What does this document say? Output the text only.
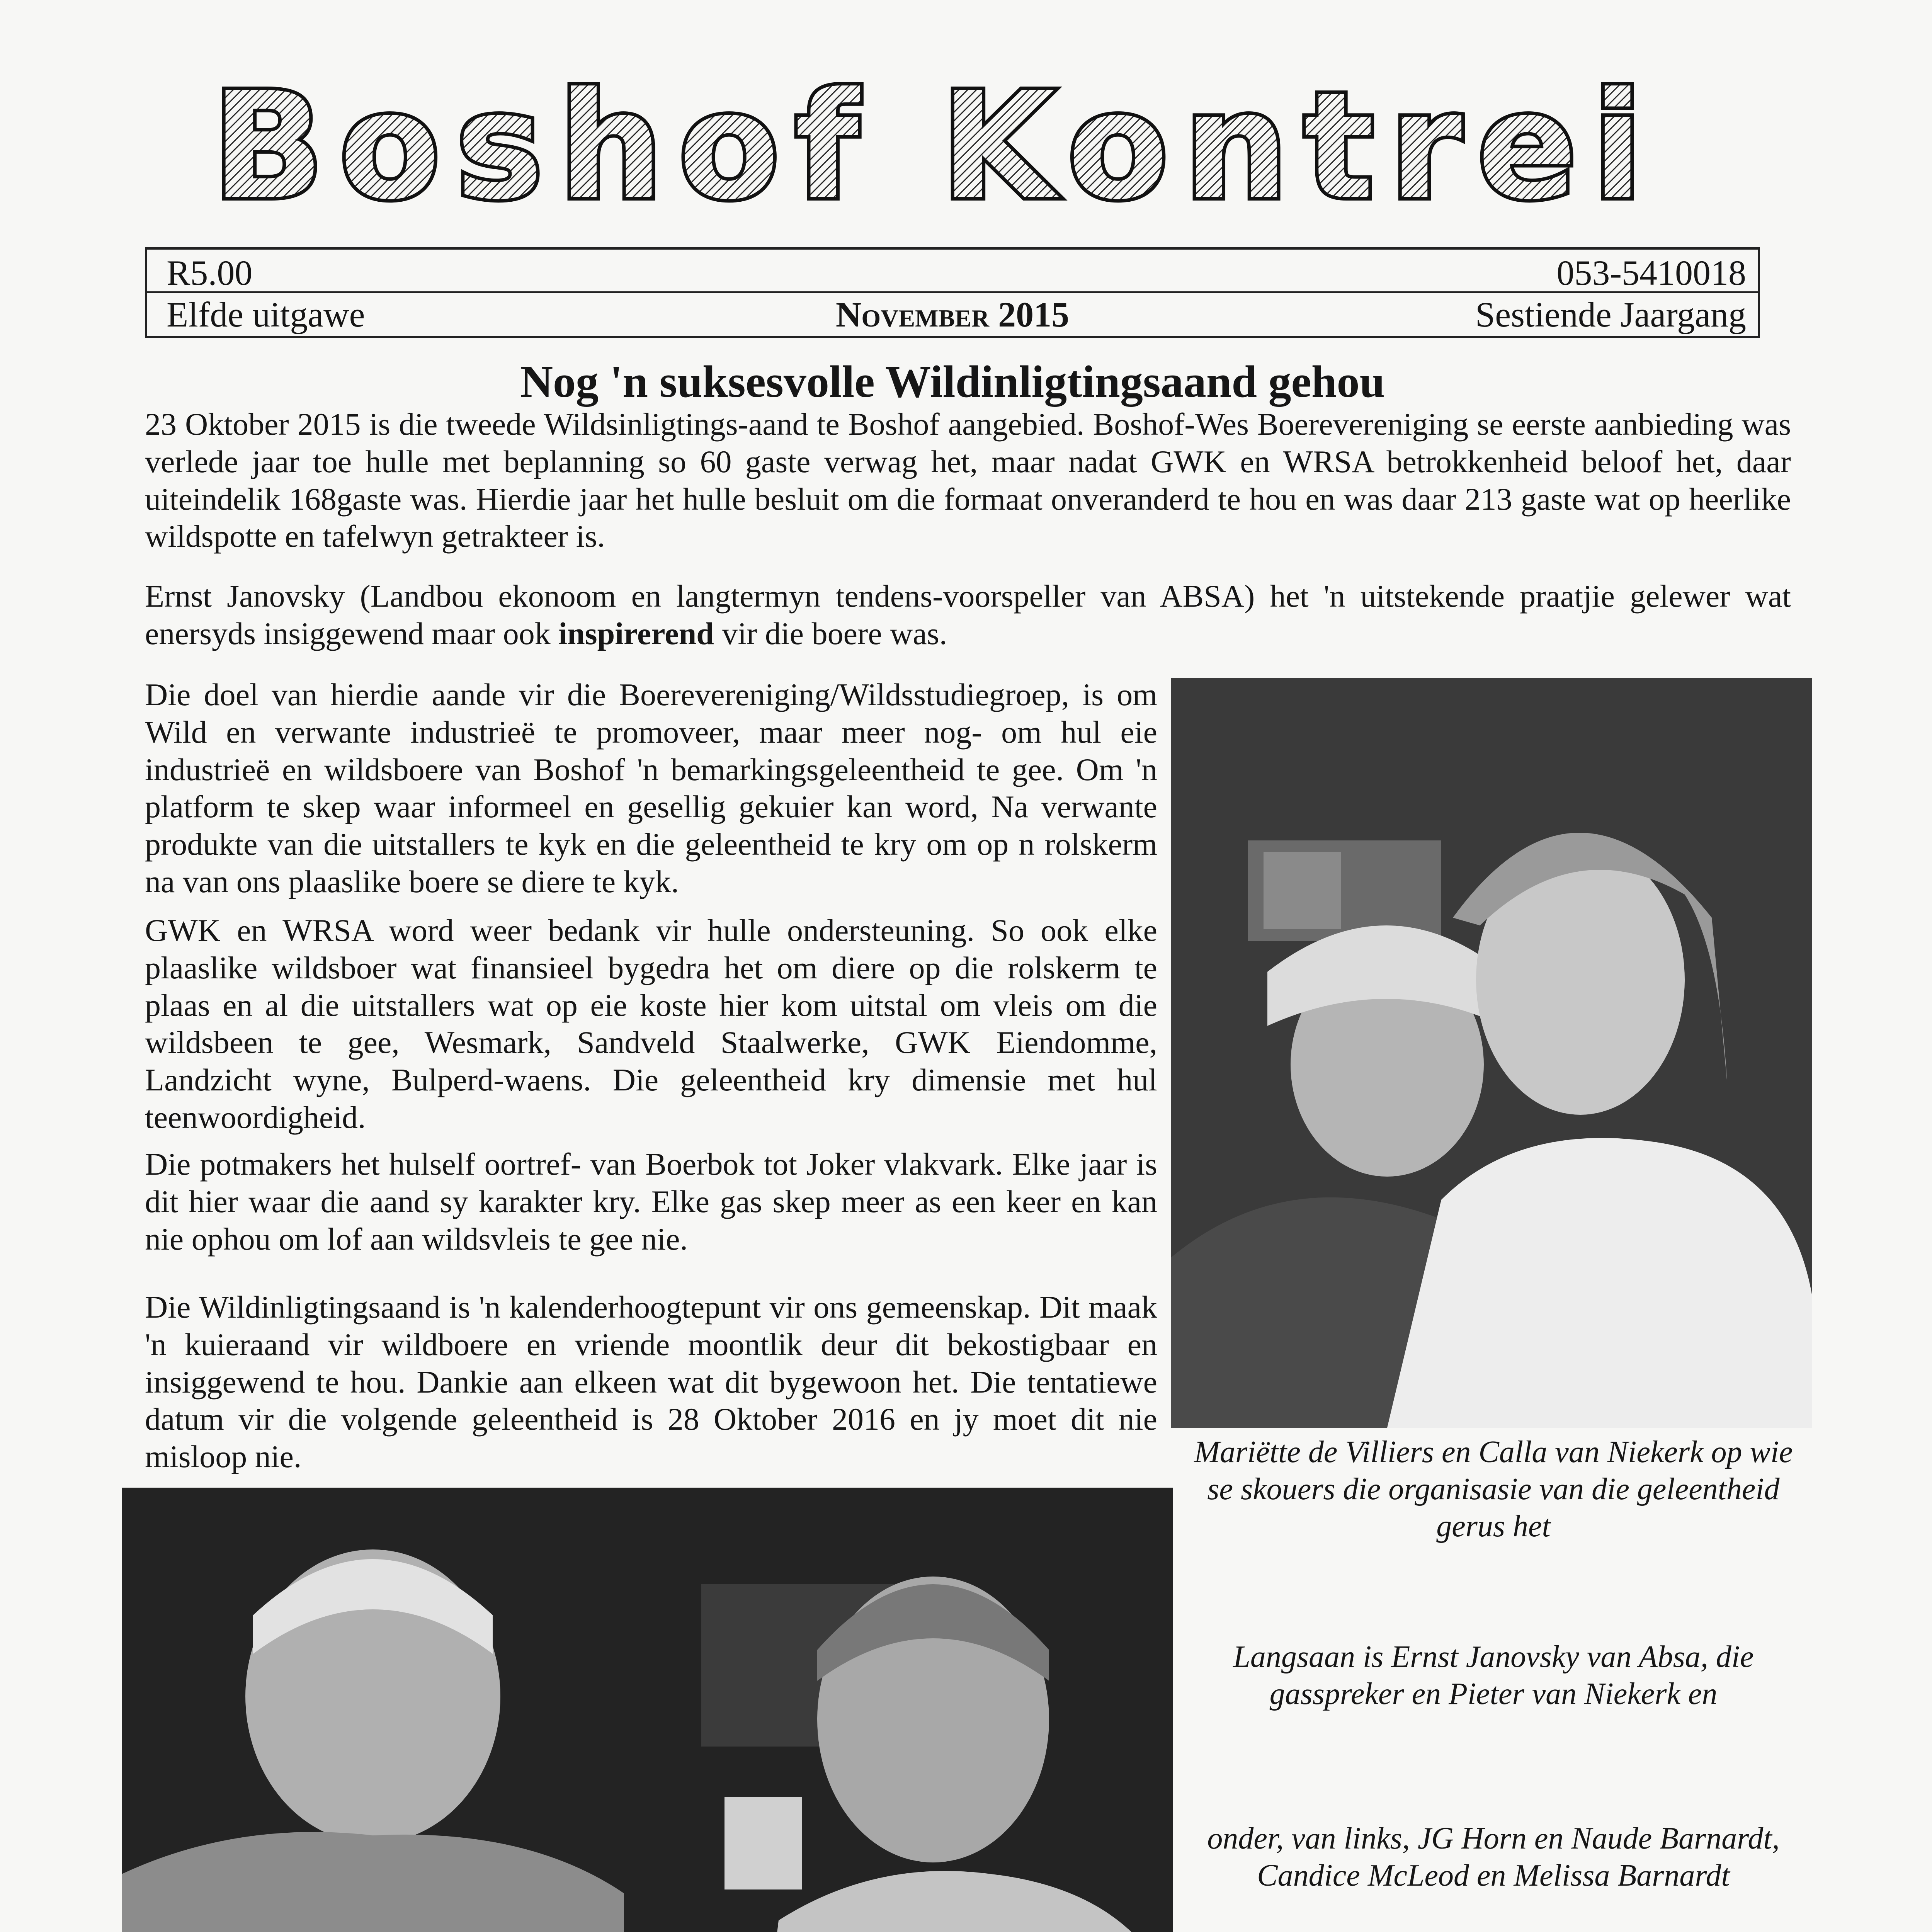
Boshof Kontrei
R5.00	053-5410018
Elfde uitgawe	November 2015	Sestiende Jaargang
Nog 'n suksesvolle Wildinligtingsaand gehou

23 Oktober 2015 is die tweede Wildsinligtings-aand te Boshof aangebied. Boshof-Wes Boerevereniging se eerste aanbieding was verlede jaar toe hulle met beplanning so 60 gaste verwag het, maar nadat GWK en WRSA betrokkenheid beloof het, daar uiteindelik 168gaste was. Hierdie jaar het hulle besluit om die formaat onveranderd te hou en was daar 213 gaste wat op heerlike wildspotte en tafelwyn getrakteer is.

Ernst Janovsky (Landbou ekonoom en langtermyn tendens-voorspeller van ABSA) het 'n uitstekende praatjie gelewer wat enersyds insiggewend maar ook inspirerend vir die boere was.

Die doel van hierdie aande vir die Boerevereniging/Wildsstudiegroep, is om Wild en verwante industrieë te promoveer, maar meer nog- om hul eie industrieë en wildsboere van Boshof 'n bemarkingsgeleentheid te gee. Om 'n platform te skep waar informeel en gesellig gekuier kan word, Na verwante produkte van die uitstallers te kyk en die geleentheid te kry om op n rolskerm na van ons plaaslike boere se diere te kyk.

GWK en WRSA word weer bedank vir hulle ondersteuning. So ook elke plaaslike wildsboer wat finansieel bygedra het om diere op die rolskerm te plaas en al die uitstallers wat op eie koste hier kom uitstal om vleis om die wildsbeen te gee, Wesmark, Sandveld Staalwerke, GWK Eiendomme, Landzicht wyne, Bulperd-waens. Die geleentheid kry dimensie met hul teenwoordigheid.

Die potmakers het hulself oortref- van Boerbok tot Joker vlakvark. Elke jaar is dit hier waar die aand sy karakter kry. Elke gas skep meer as een keer en kan nie ophou om lof aan wildsvleis te gee nie.

Die Wildinligtingsaand is 'n kalenderhoogtepunt vir ons gemeenskap. Dit maak 'n kuieraand vir wildboere en vriende moontlik deur dit bekostigbaar en insiggewend te hou. Dankie aan elkeen wat dit bygewoon het. Die tentatiewe datum vir die volgende geleentheid is 28 Oktober 2016 en jy moet dit nie misloop nie.	Mariëtte de Villiers en Calla van Niekerk op wie se skouers die organisasie van die geleentheid gerus het

Langsaan is Ernst Janovsky van Absa, die gasspreker en Pieter van Niekerk en

onder, van links, JG Horn en Naude Barnardt, Candice McLeod en Melissa Barnardt
